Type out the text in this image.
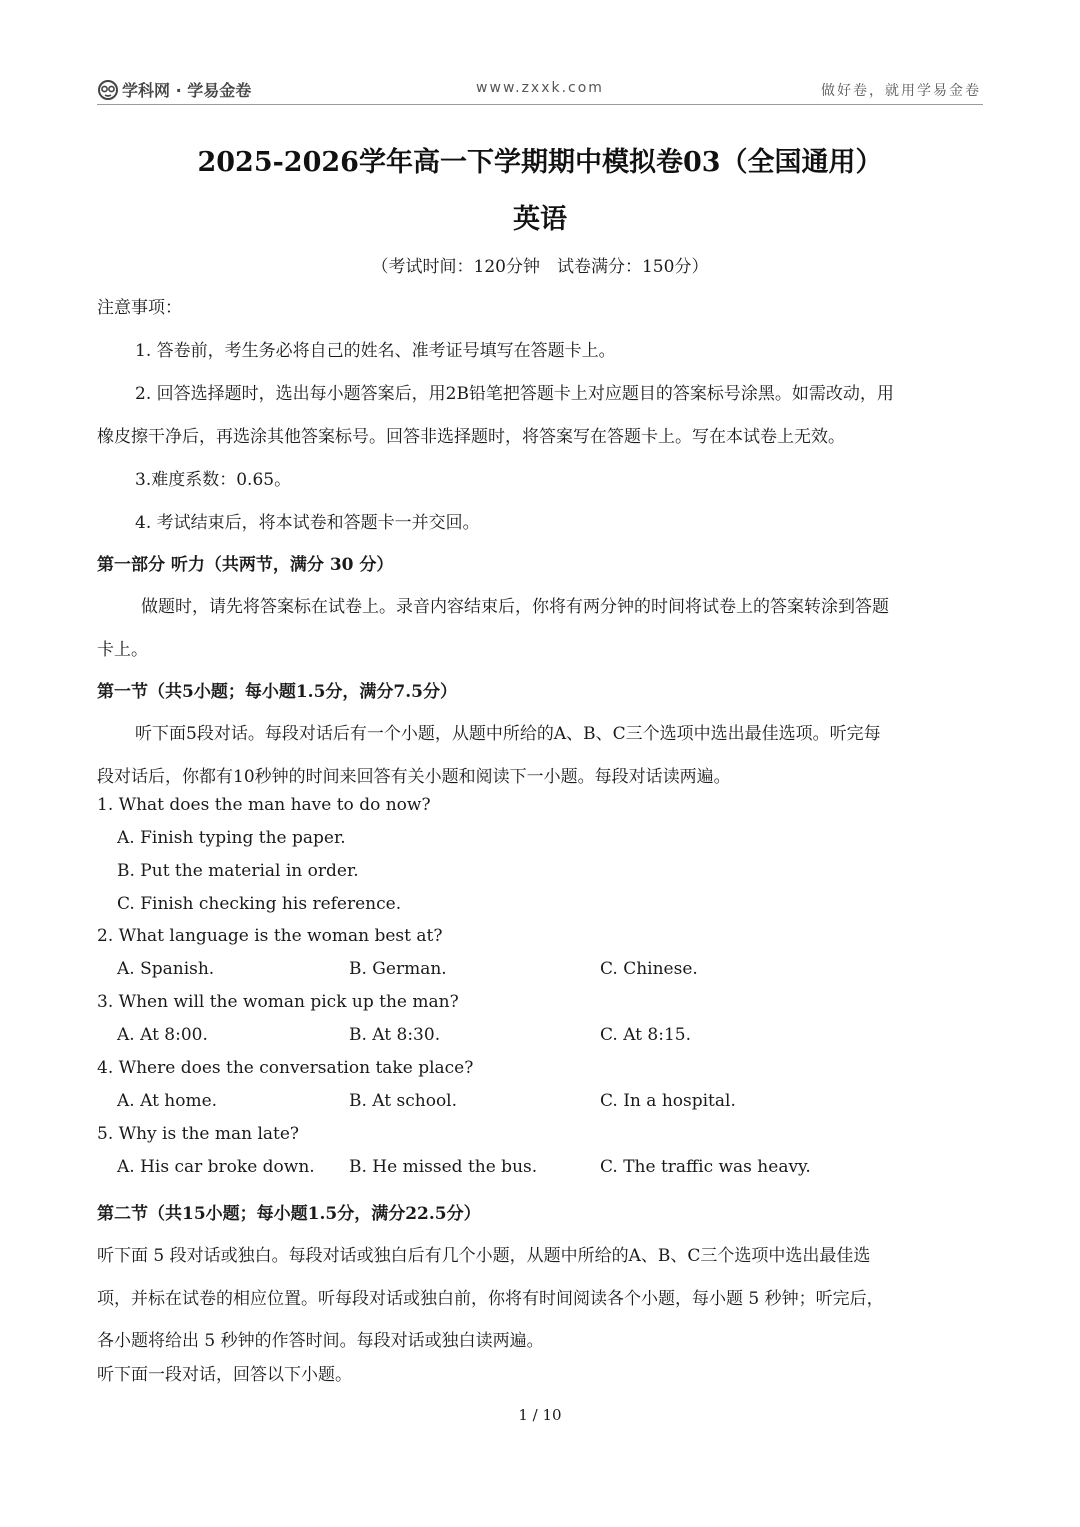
学科网 · 学易金卷	www.zxxk.com	做好卷，就用学易金卷
2025-2026学年高一下学期期中模拟卷03（全国通用）
英语
（考试时间：120分钟　试卷满分：150分）
注意事项：
1. 答卷前，考生务必将自己的姓名、准考证号填写在答题卡上。
2. 回答选择题时，选出每小题答案后，用2B铅笔把答题卡上对应题目的答案标号涂黑。如需改动，用
橡皮擦干净后，再选涂其他答案标号。回答非选择题时，将答案写在答题卡上。写在本试卷上无效。
3.难度系数：0.65。
4. 考试结束后，将本试卷和答题卡一并交回。
第一部分 听力（共两节，满分 30 分）
做题时，请先将答案标在试卷上。录音内容结束后，你将有两分钟的时间将试卷上的答案转涂到答题
卡上。
第一节（共5小题；每小题1.5分，满分7.5分）
听下面5段对话。每段对话后有一个小题，从题中所给的A、B、C三个选项中选出最佳选项。听完每
段对话后，你都有10秒钟的时间来回答有关小题和阅读下一小题。每段对话读两遍。
1. What does the man have to do now?
A. Finish typing the paper.
B. Put the material in order.
C. Finish checking his reference.
2. What language is the woman best at?
A. Spanish.	B. German.	C. Chinese.
3. When will the woman pick up the man?
A. At 8:00.	B. At 8:30.	C. At 8:15.
4. Where does the conversation take place?
A. At home.	B. At school.	C. In a hospital.
5. Why is the man late?
A. His car broke down. B. He missed the bus.	C. The traffic was heavy.
第二节（共15小题；每小题1.5分，满分22.5分）
听下面 5 段对话或独白。每段对话或独白后有几个小题，从题中所给的A、B、C三个选项中选出最佳选
项，并标在试卷的相应位置。听每段对话或独白前，你将有时间阅读各个小题，每小题 5 秒钟；听完后，
各小题将给出 5 秒钟的作答时间。每段对话或独白读两遍。
听下面一段对话，回答以下小题。
1 / 10
